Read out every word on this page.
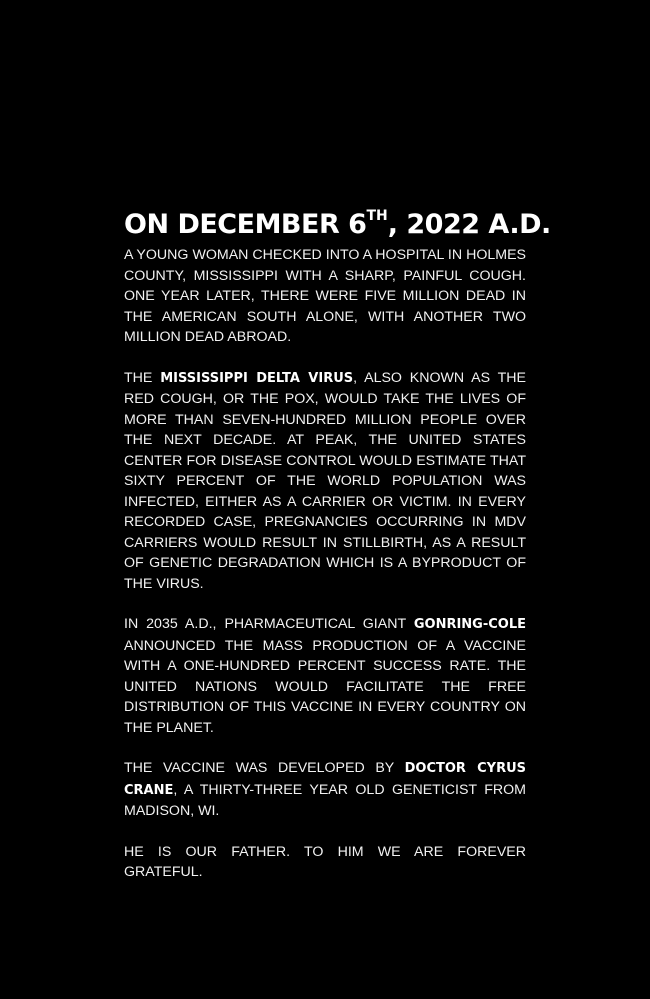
ON DECEMBER 6TH, 2022 A.D.

A YOUNG WOMAN CHECKED INTO A HOSPITAL IN HOLMES COUNTY, MISSISSIPPI WITH A SHARP, PAINFUL COUGH. ONE YEAR LATER, THERE WERE FIVE MILLION DEAD IN THE AMERICAN SOUTH ALONE, WITH ANOTHER TWO MILLION DEAD ABROAD.

THE MISSISSIPPI DELTA VIRUS, ALSO KNOWN AS THE RED COUGH, OR THE POX, WOULD TAKE THE LIVES OF MORE THAN SEVEN-HUNDRED MILLION PEOPLE OVER THE NEXT DECADE. AT PEAK, THE UNITED STATES CENTER FOR DISEASE CONTROL WOULD ESTIMATE THAT SIXTY PERCENT OF THE WORLD POPULATION WAS INFECTED, EITHER AS A CARRIER OR VICTIM. IN EVERY RECORDED CASE, PREGNANCIES OCCURRING IN MDV CARRIERS WOULD RESULT IN STILLBIRTH, AS A RESULT OF GENETIC DEGRADATION WHICH IS A BYPRODUCT OF THE VIRUS.

IN 2035 A.D., PHARMACEUTICAL GIANT GONRING-COLE ANNOUNCED THE MASS PRODUCTION OF A VACCINE WITH A ONE-HUNDRED PERCENT SUCCESS RATE. THE UNITED NATIONS WOULD FACILITATE THE FREE DISTRIBUTION OF THIS VACCINE IN EVERY COUNTRY ON THE PLANET.

THE VACCINE WAS DEVELOPED BY DOCTOR CYRUS CRANE, A THIRTY-THREE YEAR OLD GENETICIST FROM MADISON, WI.

HE IS OUR FATHER. TO HIM WE ARE FOREVER GRATEFUL.
